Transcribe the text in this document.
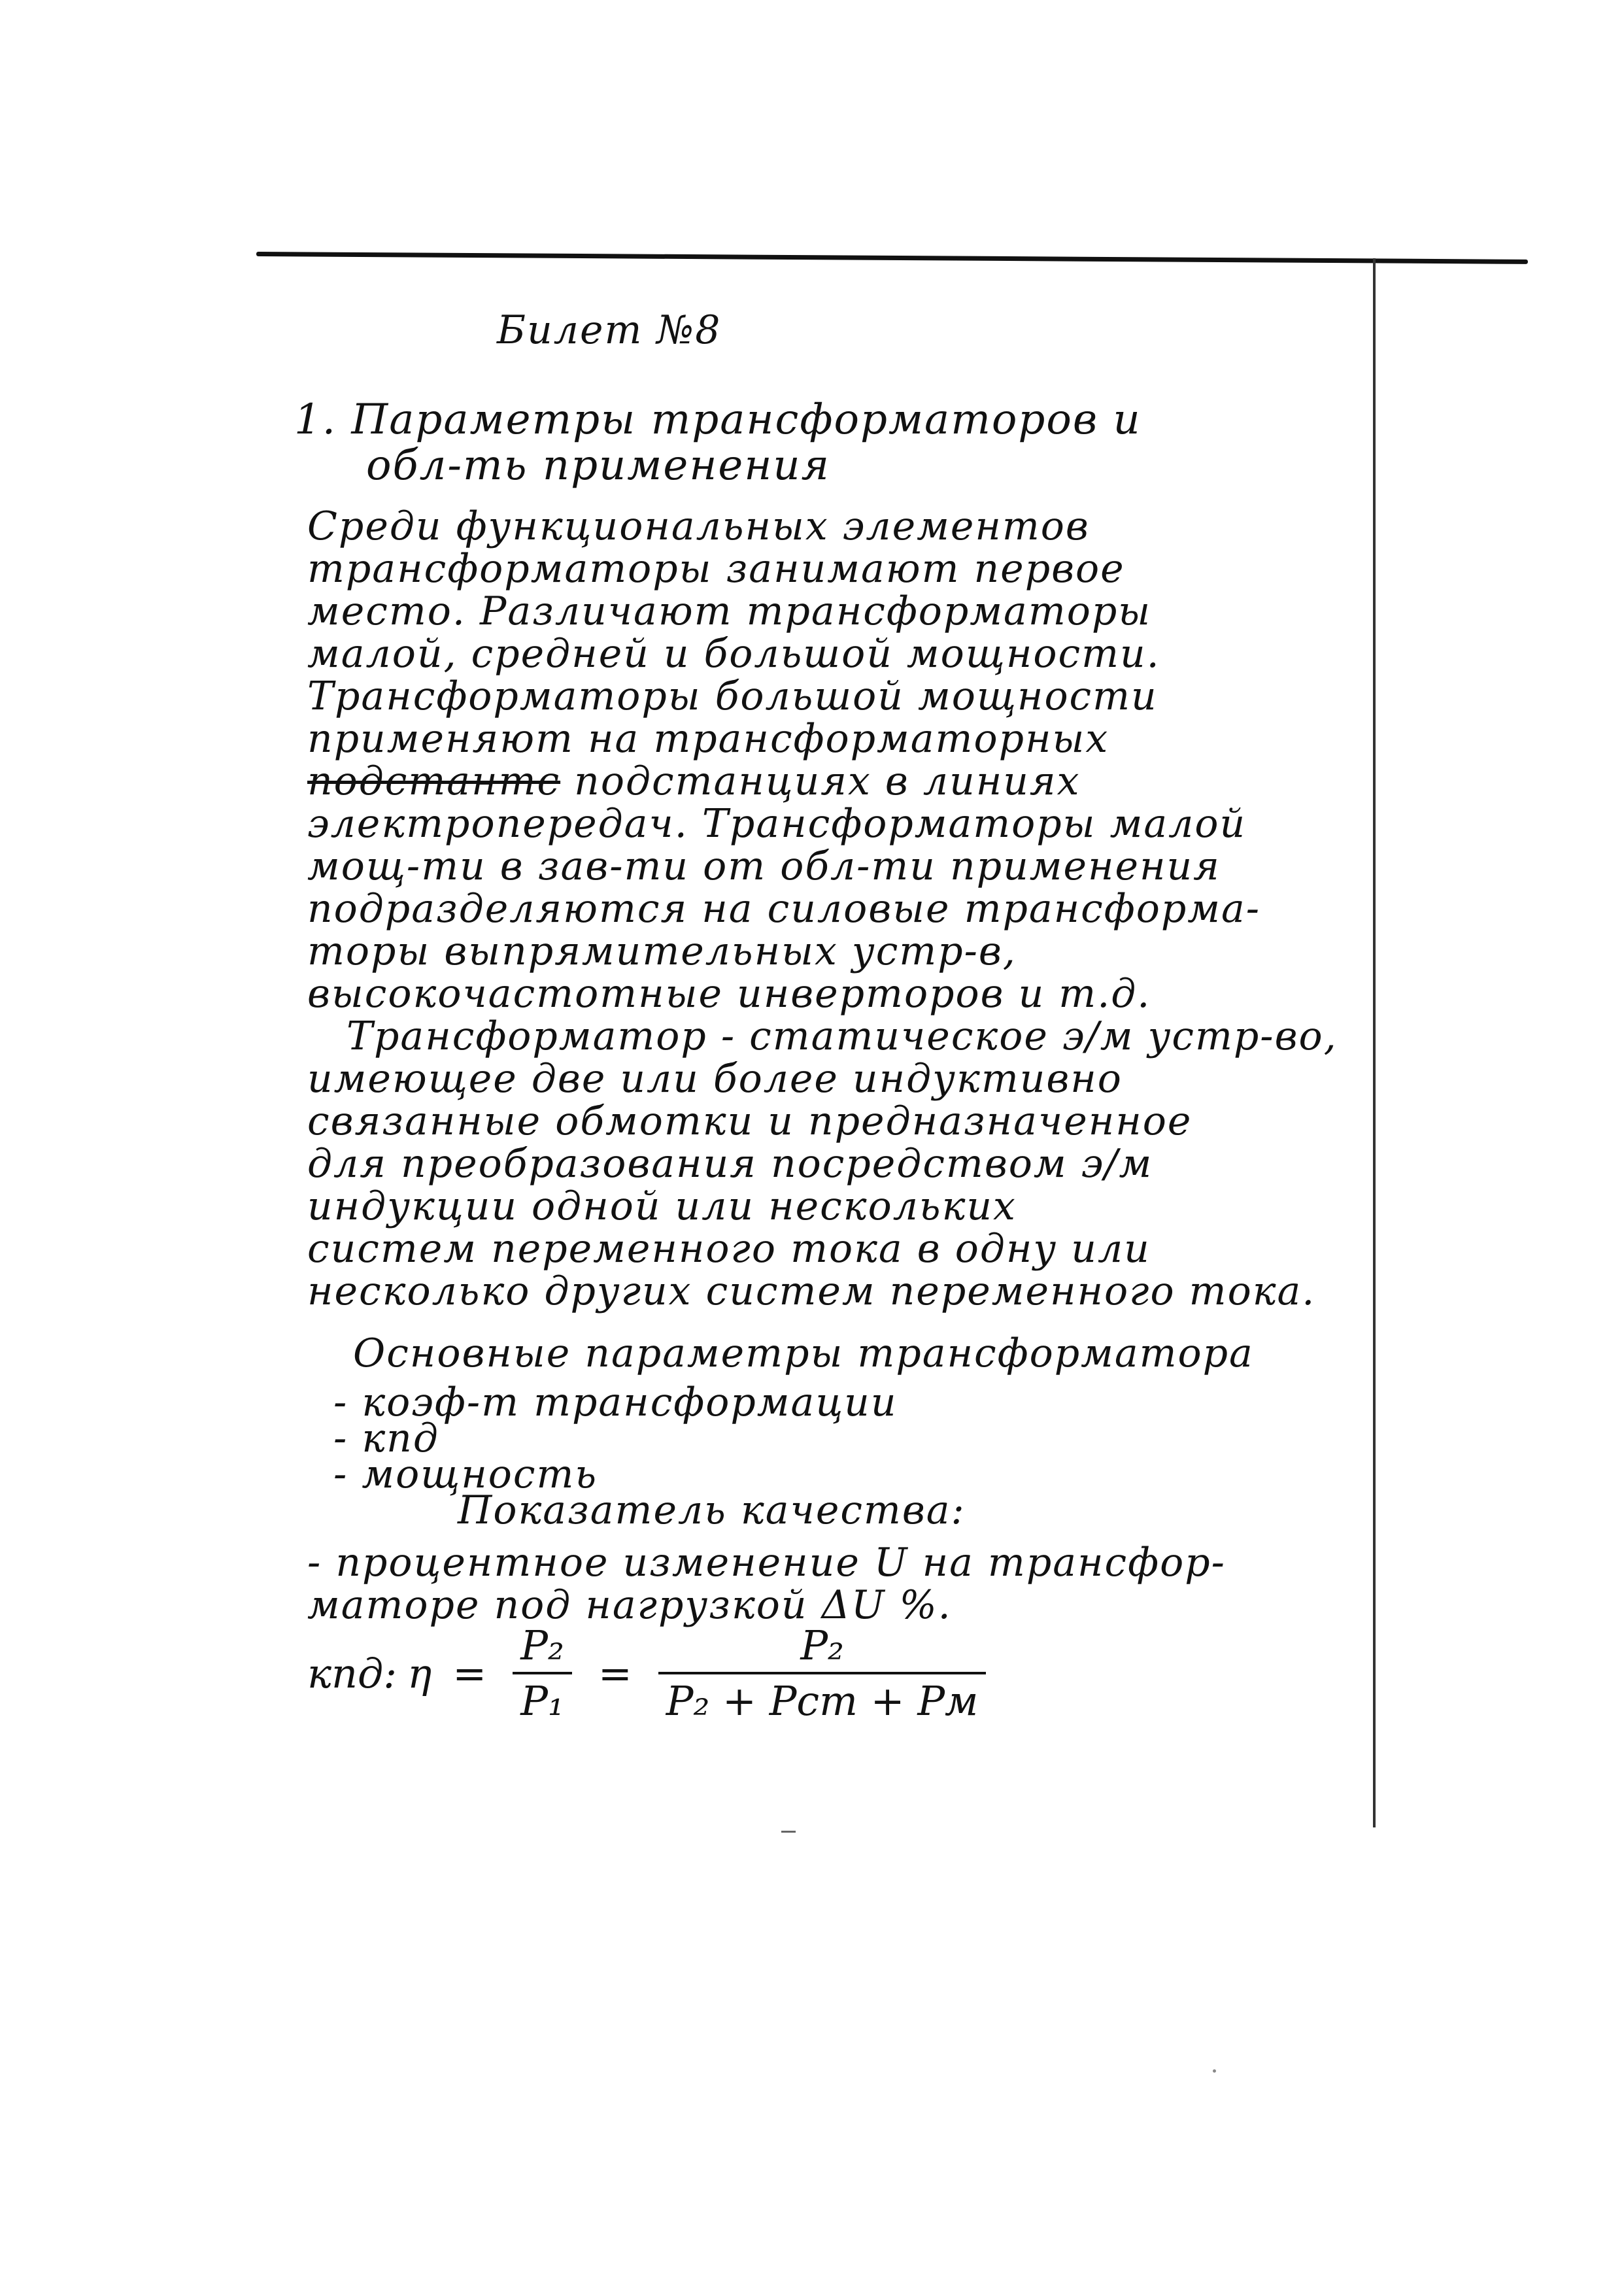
Билет №8
1. Параметры трансформаторов и
обл-ть применения
Среди функциональных элементов
трансформаторы занимают первое
место. Различают трансформаторы
малой, средней и большой мощности.
Трансформаторы большой мощности
применяют на трансформаторных
подстантс подстанциях в линиях
электропередач. Трансформаторы малой
мощ-ти в зав-ти от обл-ти применения
подразделяются на силовые трансформа-
торы выпрямительных устр-в,
высокочастотные инверторов и т.д.
Трансформатор - статическое э/м устр-во,
имеющее две или более индуктивно
связанные обмотки и предназначенное
для преобразования посредством э/м
индукции одной или нескольких
систем переменного тока в одну или
несколько других систем переменного тока.
Основные параметры трансформатора
- коэф-т трансформации
- кпд
- мощность
Показатель качества:
- процентное изменение U на трансфор-
маторе под нагрузкой ΔU %.
кпд: $\eta = \frac{\text{P₂}}{\text{P₁}} = \frac{\text{P₂}}{\text{P₂ + Pст + Pм}}$
